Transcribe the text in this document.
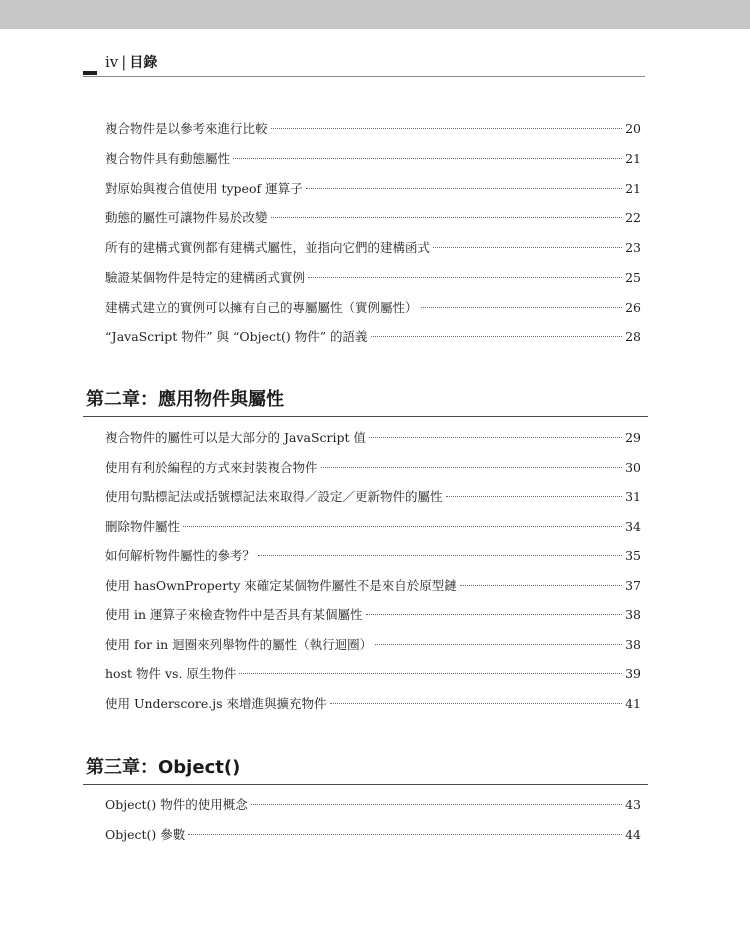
iv | 目錄
複合物件是以參考來進行比較	20
複合物件具有動態屬性	21
對原始與複合值使用 typeof 運算子	21
動態的屬性可讓物件易於改變	22
所有的建構式實例都有建構式屬性，並指向它們的建構函式	23
驗證某個物件是特定的建構函式實例	25
建構式建立的實例可以擁有自己的專屬屬性（實例屬性）	26
“JavaScript 物件” 與 “Object() 物件” 的語義	28
第二章：應用物件與屬性
複合物件的屬性可以是大部分的 JavaScript 值	29
使用有利於編程的方式來封裝複合物件	30
使用句點標記法或括號標記法來取得／設定／更新物件的屬性	31
刪除物件屬性	34
如何解析物件屬性的參考？	35
使用 hasOwnProperty 來確定某個物件屬性不是來自於原型鏈	37
使用 in 運算子來檢查物件中是否具有某個屬性	38
使用 for in 迴圈來列舉物件的屬性（執行迴圈）	38
host 物件 vs. 原生物件	39
使用 Underscore.js 來增進與擴充物件	41
第三章：Object()
Object() 物件的使用概念	43
Object() 參數	44
